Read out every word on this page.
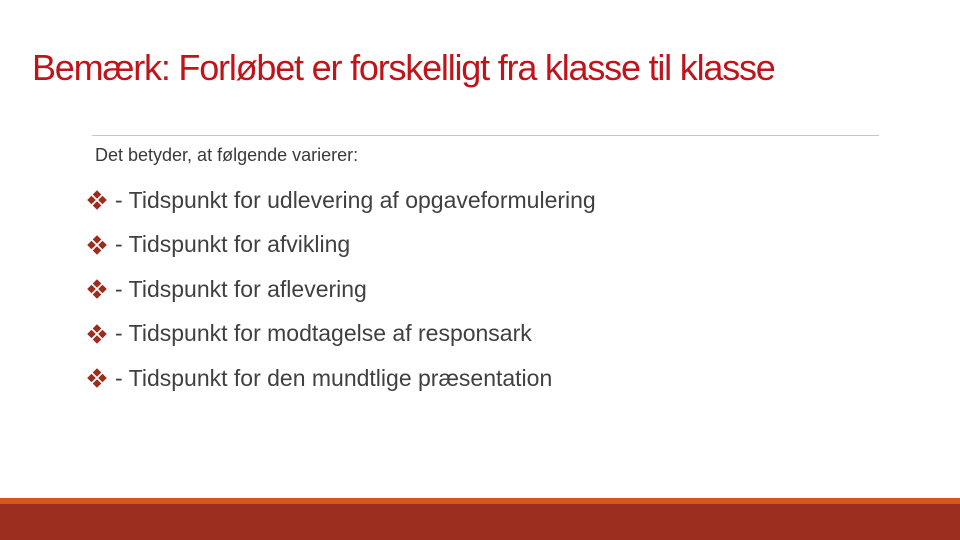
Bemærk: Forløbet er forskelligt fra klasse til klasse
Det betyder, at følgende varierer:
- Tidspunkt for udlevering af opgaveformulering
- Tidspunkt for afvikling
- Tidspunkt for aflevering
- Tidspunkt for modtagelse af responsark
- Tidspunkt for den mundtlige præsentation
